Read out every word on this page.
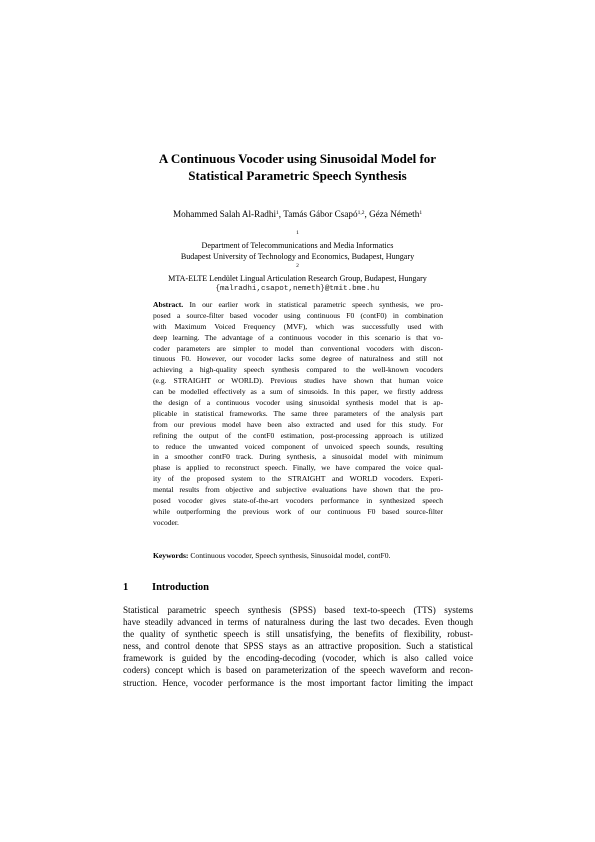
A Continuous Vocoder using Sinusoidal Model for
Statistical Parametric Speech Synthesis
Mohammed Salah Al-Radhi$^1$, Tamás Gábor Csapó$^{1,2}$, Géza Németh$^1$
$^1$
Department of Telecommunications and Media Informatics
Budapest University of Technology and Economics, Budapest, Hungary
$^2$
MTA-ELTE Lendület Lingual Articulation Research Group, Budapest, Hungary
{malradhi,csapot,nemeth}@tmit.bme.hu
Abstract. In our earlier work in statistical parametric speech synthesis, we pro-
posed a source-filter based vocoder using continuous F0 (contF0) in combination
with Maximum Voiced Frequency (MVF), which was successfully used with
deep learning. The advantage of a continuous vocoder in this scenario is that vo-
coder parameters are simpler to model than conventional vocoders with discon-
tinuous F0. However, our vocoder lacks some degree of naturalness and still not
achieving a high-quality speech synthesis compared to the well-known vocoders
(e.g. STRAIGHT or WORLD). Previous studies have shown that human voice
can be modelled effectively as a sum of sinusoids. In this paper, we firstly address
the design of a continuous vocoder using sinusoidal synthesis model that is ap-
plicable in statistical frameworks. The same three parameters of the analysis part
from our previous model have been also extracted and used for this study. For
refining the output of the contF0 estimation, post-processing approach is utilized
to reduce the unwanted voiced component of unvoiced speech sounds, resulting
in a smoother contF0 track. During synthesis, a sinusoidal model with minimum
phase is applied to reconstruct speech. Finally, we have compared the voice qual-
ity of the proposed system to the STRAIGHT and WORLD vocoders. Experi-
mental results from objective and subjective evaluations have shown that the pro-
posed vocoder gives state-of-the-art vocoders performance in synthesized speech
while outperforming the previous work of our continuous F0 based source-filter
vocoder.
Keywords: Continuous vocoder, Speech synthesis, Sinusoidal model, contF0.
1 Introduction
Statistical parametric speech synthesis (SPSS) based text-to-speech (TTS) systems
have steadily advanced in terms of naturalness during the last two decades. Even though
the quality of synthetic speech is still unsatisfying, the benefits of flexibility, robust-
ness, and control denote that SPSS stays as an attractive proposition. Such a statistical
framework is guided by the encoding-decoding (vocoder, which is also called voice
coders) concept which is based on parameterization of the speech waveform and recon-
struction. Hence, vocoder performance is the most important factor limiting the impact
